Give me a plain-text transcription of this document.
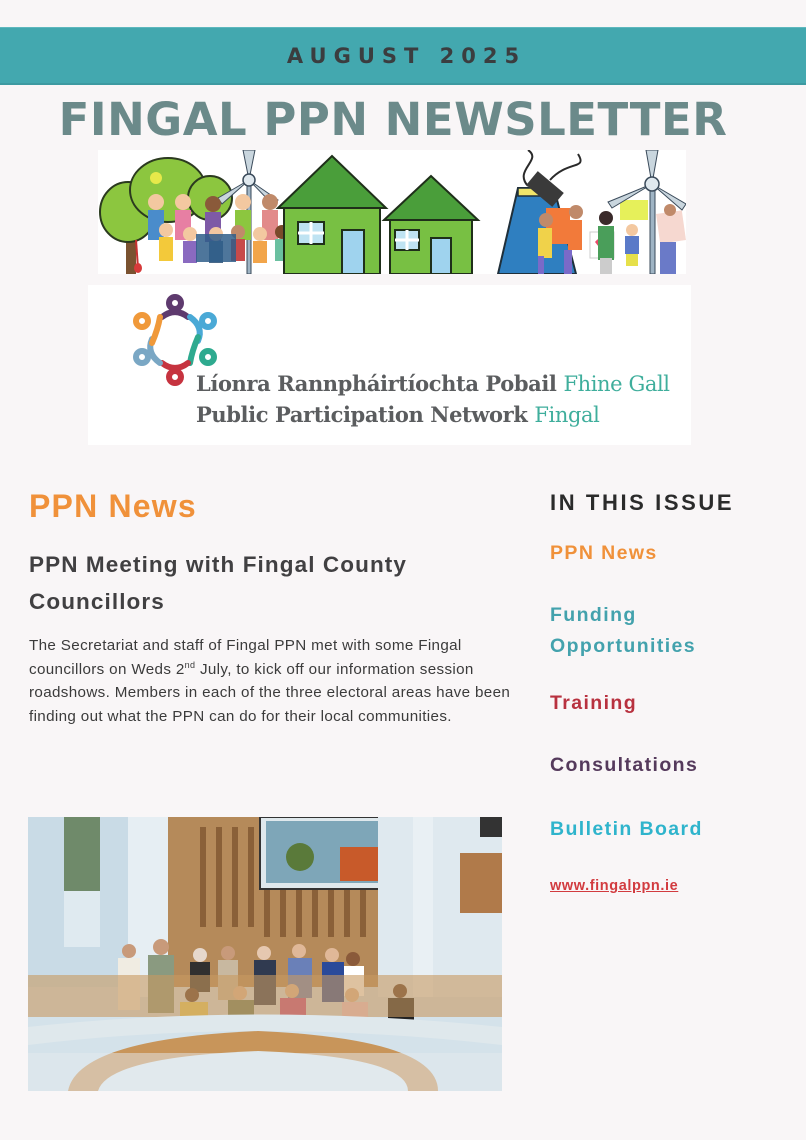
AUGUST 2025
FINGAL PPN NEWSLETTER
Líonra Rannpháirtíochta Pobail Fhine Gall
Public Participation Network Fingal
PPN News
PPN Meeting with Fingal County Councillors
The Secretariat and staff of Fingal PPN met with some Fingal councillors on Weds 2nd July, to kick off our information session roadshows. Members in each of the three electoral areas have been finding out what the PPN can do for their local communities.
IN THIS ISSUE
PPN News
Funding
Opportunities
Training
Consultations
Bulletin Board
www.fingalppn.ie
